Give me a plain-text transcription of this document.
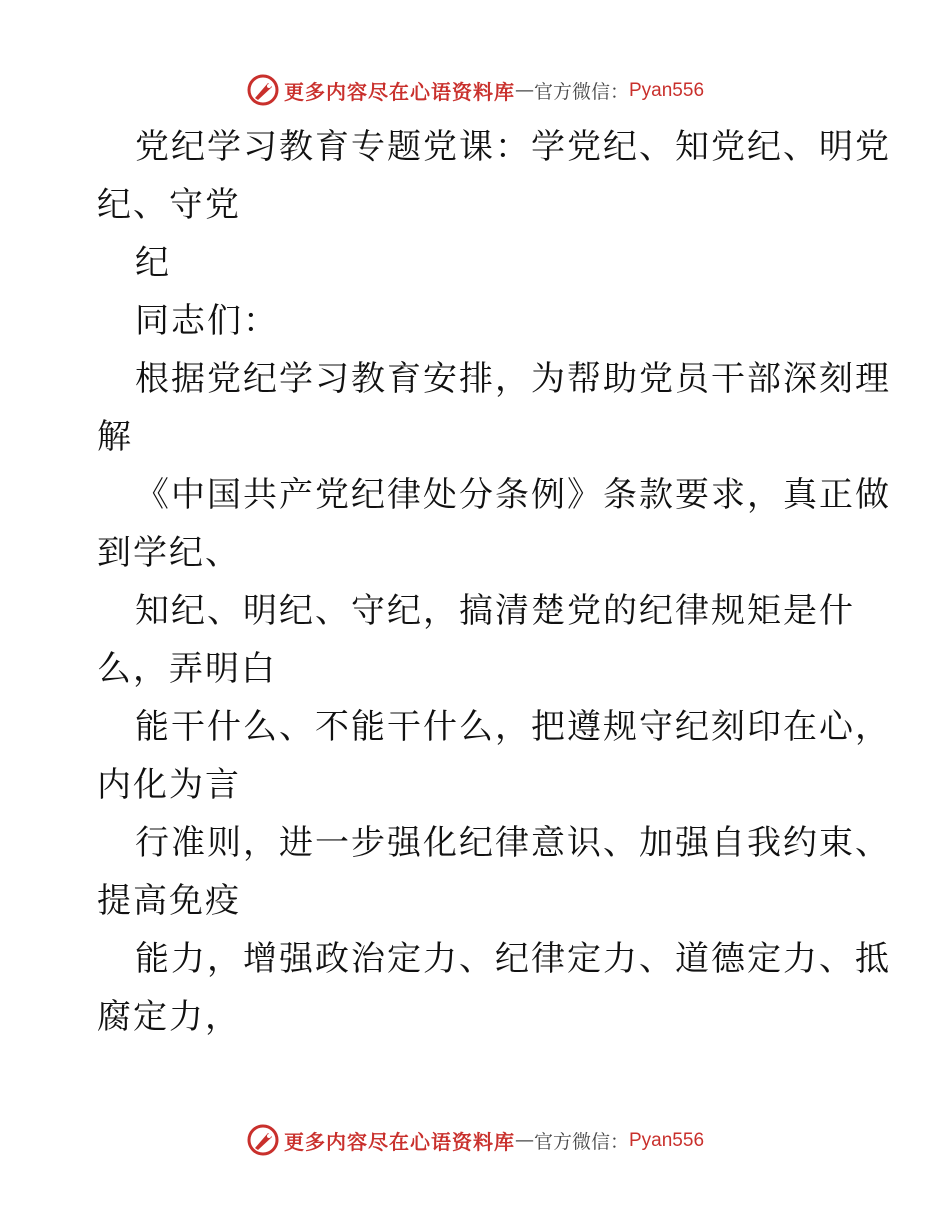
更多内容尽在心语资料库 — 官方微信： Pyan556
党纪学习教育专题党课：学党纪、知党纪、明党
纪、守党
纪
同志们：
根据党纪学习教育安排，为帮助党员干部深刻理
解
《中国共产党纪律处分条例》条款要求，真正做
到学纪、
知纪、明纪、守纪，搞清楚党的纪律规矩是什
么，弄明白
能干什么、不能干什么，把遵规守纪刻印在心，
内化为言
行准则，进一步强化纪律意识、加强自我约束、
提高免疫
能力，增强政治定力、纪律定力、道德定力、抵
腐定力，
更多内容尽在心语资料库 — 官方微信： Pyan556
